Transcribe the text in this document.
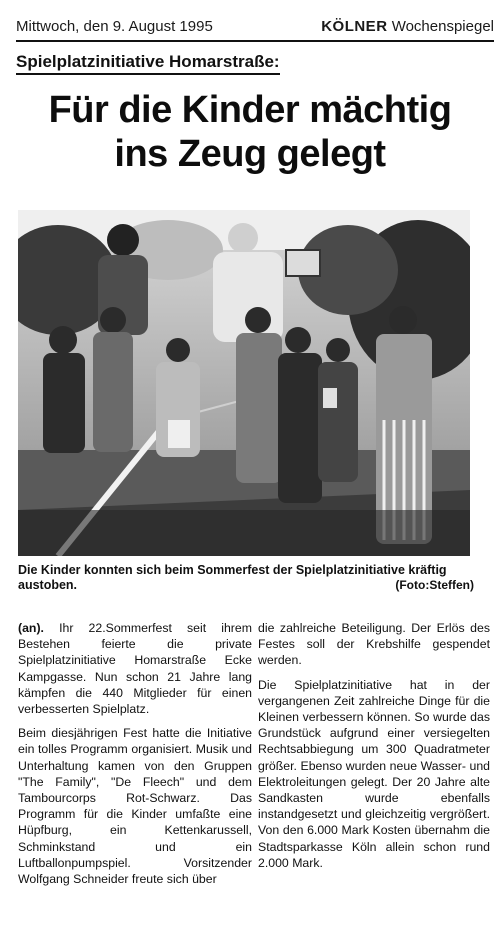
Mittwoch, den 9. August 1995	KÖLNER Wochenspiegel
Spielplatzinitiative Homarstraße:
Für die Kinder mächtig
ins Zeug gelegt
Die Kinder konnten sich beim Sommerfest der Spielplatzinitiative kräftig austoben.	(Foto:Steffen)

(an). Ihr 22.Sommerfest seit ihrem Bestehen feierte die private Spielplatzinitiative Homarstraße Ecke Kampgasse. Nun schon 21 Jahre lang kämpfen die 440 Mitglieder für einen verbesserten Spielplatz.

Beim diesjährigen Fest hatte die Initiative ein tolles Programm organisiert. Musik und Unterhaltung kamen von den Gruppen "The Family", "De Fleech" und dem Tambourcorps Rot-Schwarz. Das Programm für die Kinder umfaßte eine Hüpfburg, ein Kettenkarussell, Schminkstand und ein Luftballonpumpspiel. Vorsitzender Wolfgang Schneider freute sich über

die zahlreiche Beteiligung. Der Erlös des Festes soll der Krebshilfe gespendet werden.

Die Spielplatzinitiative hat in der vergangenen Zeit zahlreiche Dinge für die Kleinen verbessern können. So wurde das Grundstück aufgrund einer versiegelten Rechtsabbiegung um 300 Quadratmeter größer. Ebenso wurden neue Wasser- und Elektroleitungen gelegt. Der 20 Jahre alte Sandkasten wurde ebenfalls instandgesetzt und gleichzeitig vergrößert. Von den 6.000 Mark Kosten übernahm die Stadtsparkasse Köln allein schon rund 2.000 Mark.
